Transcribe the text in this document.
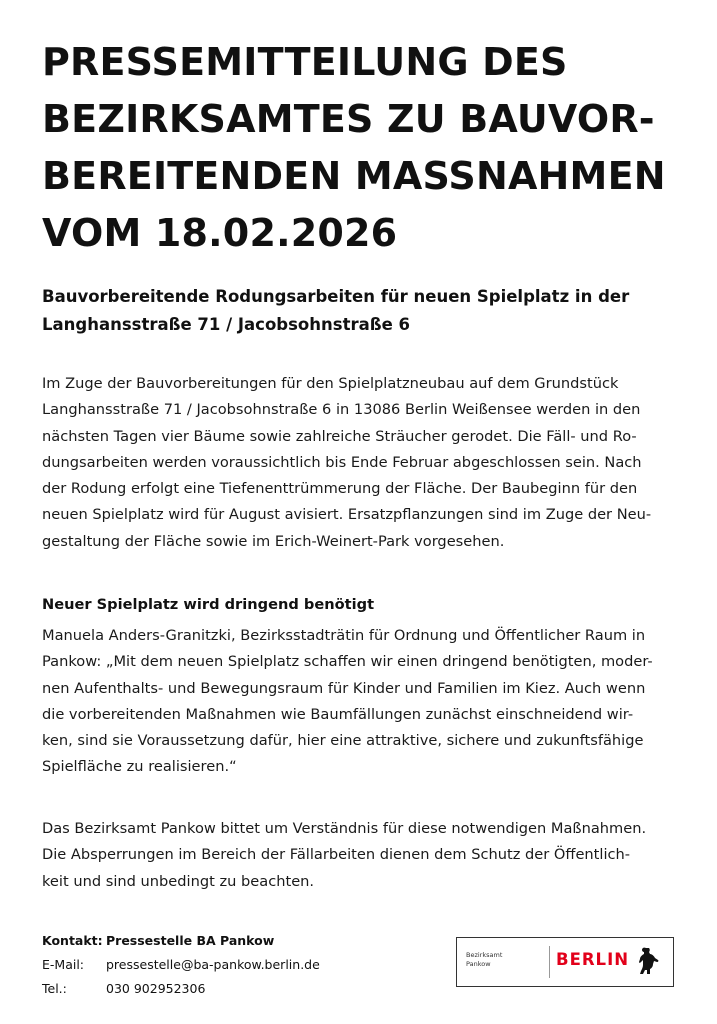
PRESSEMITTEILUNG DES
BEZIRKSAMTES ZU BAUVOR-
BEREITENDEN MASSNAHMEN
VOM 18.02.2026
Bauvorbereitende Rodungsarbeiten für neuen Spielplatz in der
Langhansstraße 71 / Jacobsohnstraße 6
Im Zuge der Bauvorbereitungen für den Spielplatzneubau auf dem Grundstück
Langhansstraße 71 / Jacobsohnstraße 6 in 13086 Berlin Weißensee werden in den
nächsten Tagen vier Bäume sowie zahlreiche Sträucher gerodet. Die Fäll- und Ro-
dungsarbeiten werden voraussichtlich bis Ende Februar abgeschlossen sein. Nach
der Rodung erfolgt eine Tiefenenttrümmerung der Fläche. Der Baubeginn für den
neuen Spielplatz wird für August avisiert. Ersatzpflanzungen sind im Zuge der Neu-
gestaltung der Fläche sowie im Erich-Weinert-Park vorgesehen.
Neuer Spielplatz wird dringend benötigt
Manuela Anders-Granitzki, Bezirksstadträtin für Ordnung und Öffentlicher Raum in
Pankow: „Mit dem neuen Spielplatz schaffen wir einen dringend benötigten, moder-
nen Aufenthalts- und Bewegungsraum für Kinder und Familien im Kiez. Auch wenn
die vorbereitenden Maßnahmen wie Baumfällungen zunächst einschneidend wir-
ken, sind sie Voraussetzung dafür, hier eine attraktive, sichere und zukunftsfähige
Spielfläche zu realisieren.“
Das Bezirksamt Pankow bittet um Verständnis für diese notwendigen Maßnahmen.
Die Absperrungen im Bereich der Fällarbeiten dienen dem Schutz der Öffentlich-
keit und sind unbedingt zu beachten.
Kontakt: Pressestelle BA Pankow
E-Mail:	pressestelle@ba-pankow.berlin.de
Tel.:	030 902952306
Bezirksamt
Pankow	BERLIN
